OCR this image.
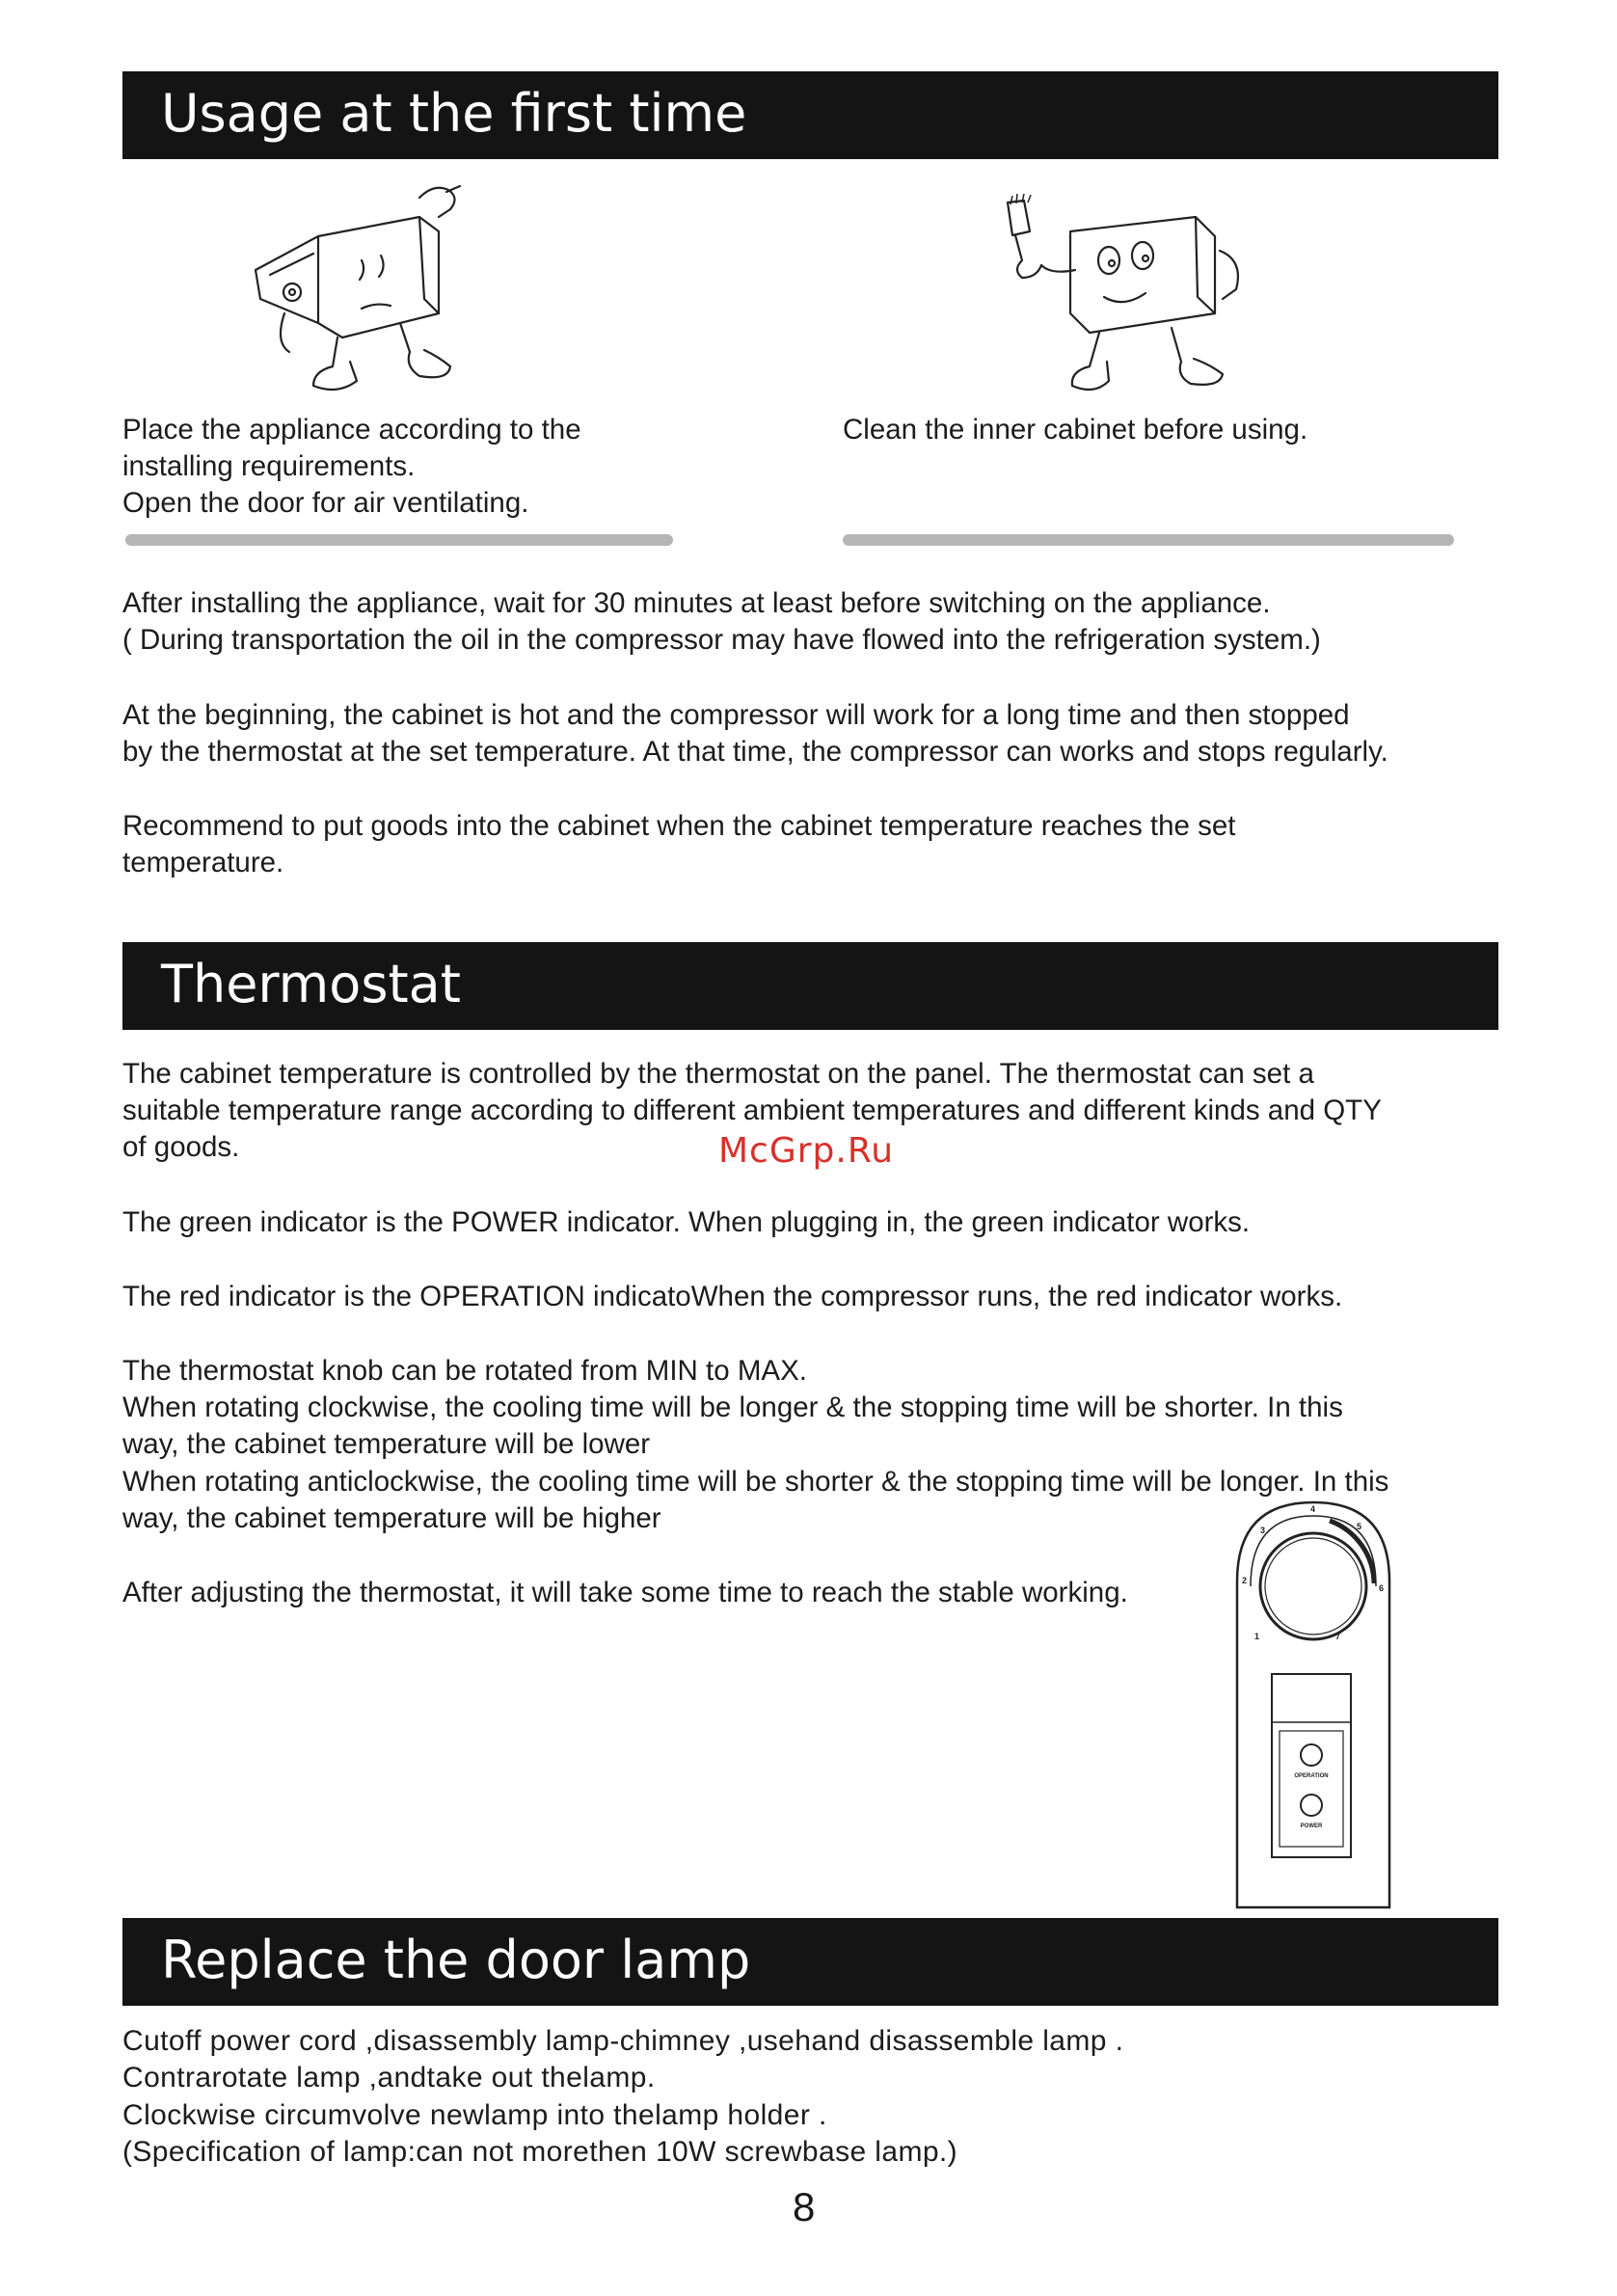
Usage at the first time
Place the appliance according to the
installing requirements.
Open the door for air ventilating.
Clean the inner cabinet before using.
After installing the appliance, wait for 30 minutes at least before switching on the appliance.
( During transportation the oil in the compressor may have flowed into the refrigeration system.)
At the beginning, the cabinet is hot and the compressor will work for a long time and then stopped
by the thermostat at the set temperature. At that time, the compressor can works and stops regularly.
Recommend to put goods into the cabinet when the cabinet temperature reaches the set
temperature.
Thermostat
The cabinet temperature is controlled by the thermostat on the panel. The thermostat can set a
suitable temperature range according to different ambient temperatures and different kinds and QTY
of goods.
The green indicator is the POWER indicator. When plugging in, the green indicator works.
The red indicator is the OPERATION indicatoWhen the compressor runs, the red indicator works.
The thermostat knob can be rotated from MIN to MAX.
When rotating clockwise, the cooling time will be longer & the stopping time will be shorter. In this
way, the cabinet temperature will be lower
When rotating anticlockwise, the cooling time will be shorter & the stopping time will be longer. In this
way, the cabinet temperature will be higher
After adjusting the thermostat, it will take some time to reach the stable working.
McGrp.Ru
1
2
3
4
5
6
7
OPERATION
POWER
Replace the door lamp
Cutoff power cord ,disassembly lamp-chimney ,usehand disassemble lamp .
Contrarotate lamp ,andtake out thelamp.
Clockwise circumvolve newlamp into thelamp holder .
(Specification of lamp:can not morethen 10W screwbase lamp.)
8
